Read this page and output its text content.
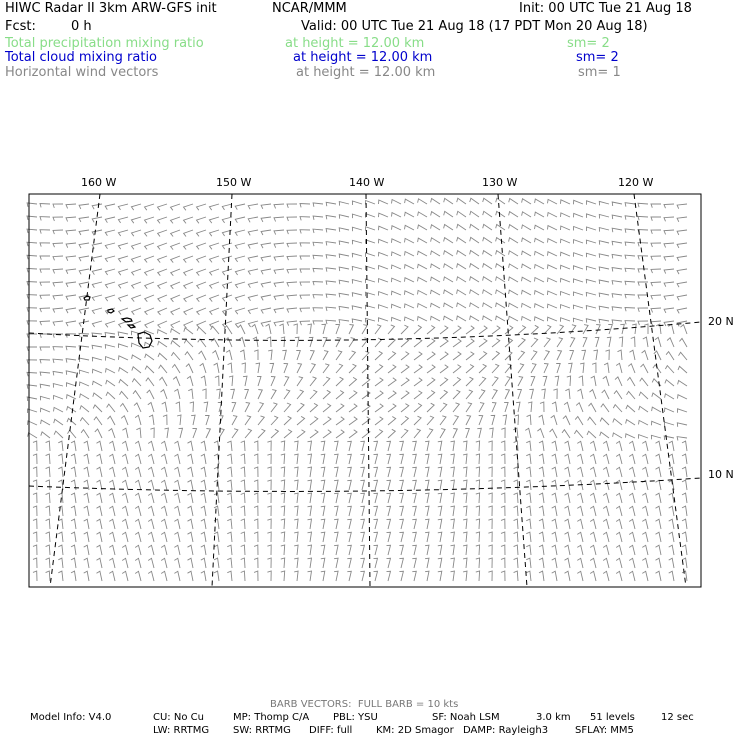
HIWC Radar II 3km ARW-GFS init	NCAR/MMM	Init: 00 UTC Tue 21 Aug 18
Fcst:	0 h	Valid: 00 UTC Tue 21 Aug 18 (17 PDT Mon 20 Aug 18)
Total precipitation mixing ratio	at height = 12.00 km	sm= 2
Total cloud mixing ratio	at height = 12.00 km	sm= 2
Horizontal wind vectors	at height = 12.00 km	sm= 1
160 W	150 W	140 W	130 W	120 W
20 N
10 N
BARB VECTORS:  FULL BARB = 10 kts
Model Info: V4.0	CU: No Cu	MP: Thomp C/A PBL: YSU	SF: Noah LSM	3.0 km 51 levels	12 sec
LW: RRTMG SW: RRTMG DIFF: full KM: 2D Smagor DAMP: Rayleigh3	SFLAY: MM5
